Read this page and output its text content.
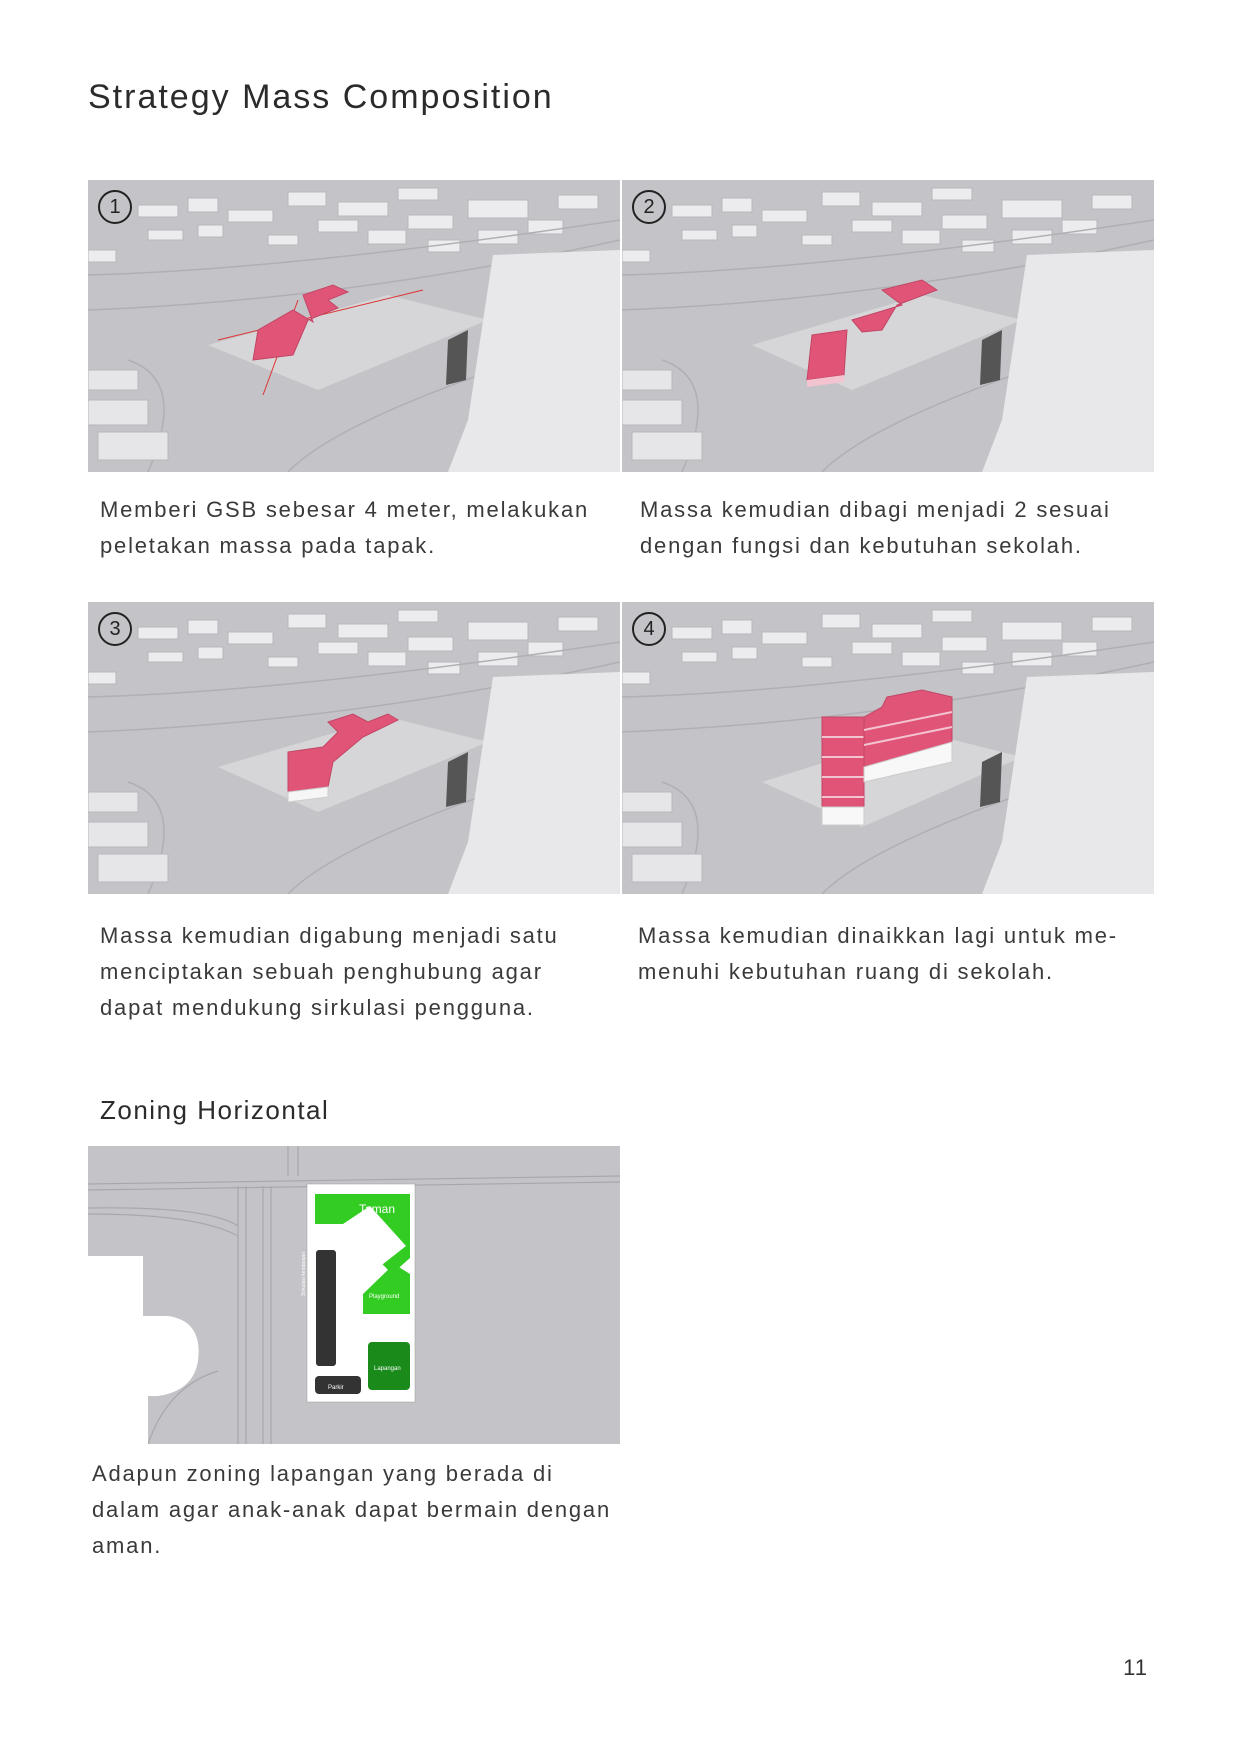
Strategy Mass Composition
1	2

Memberi GSB sebesar 4 meter, melakukan
peletakan massa pada tapak.

Massa kemudian dibagi menjadi 2 sesuai
dengan fungsi dan kebutuhan sekolah.

3	4

Massa kemudian digabung menjadi satu
menciptakan sebuah penghubung agar
dapat mendukung sirkulasi pengguna.

Massa kemudian dinaikkan lagi untuk me-
menuhi kebutuhan ruang di sekolah.

Zoning Horizontal
Taman
Playground
Lapangan
Parkir
Sirkulasi kendaraan

Adapun zoning lapangan yang berada di
dalam agar anak-anak dapat bermain dengan
aman.

11
